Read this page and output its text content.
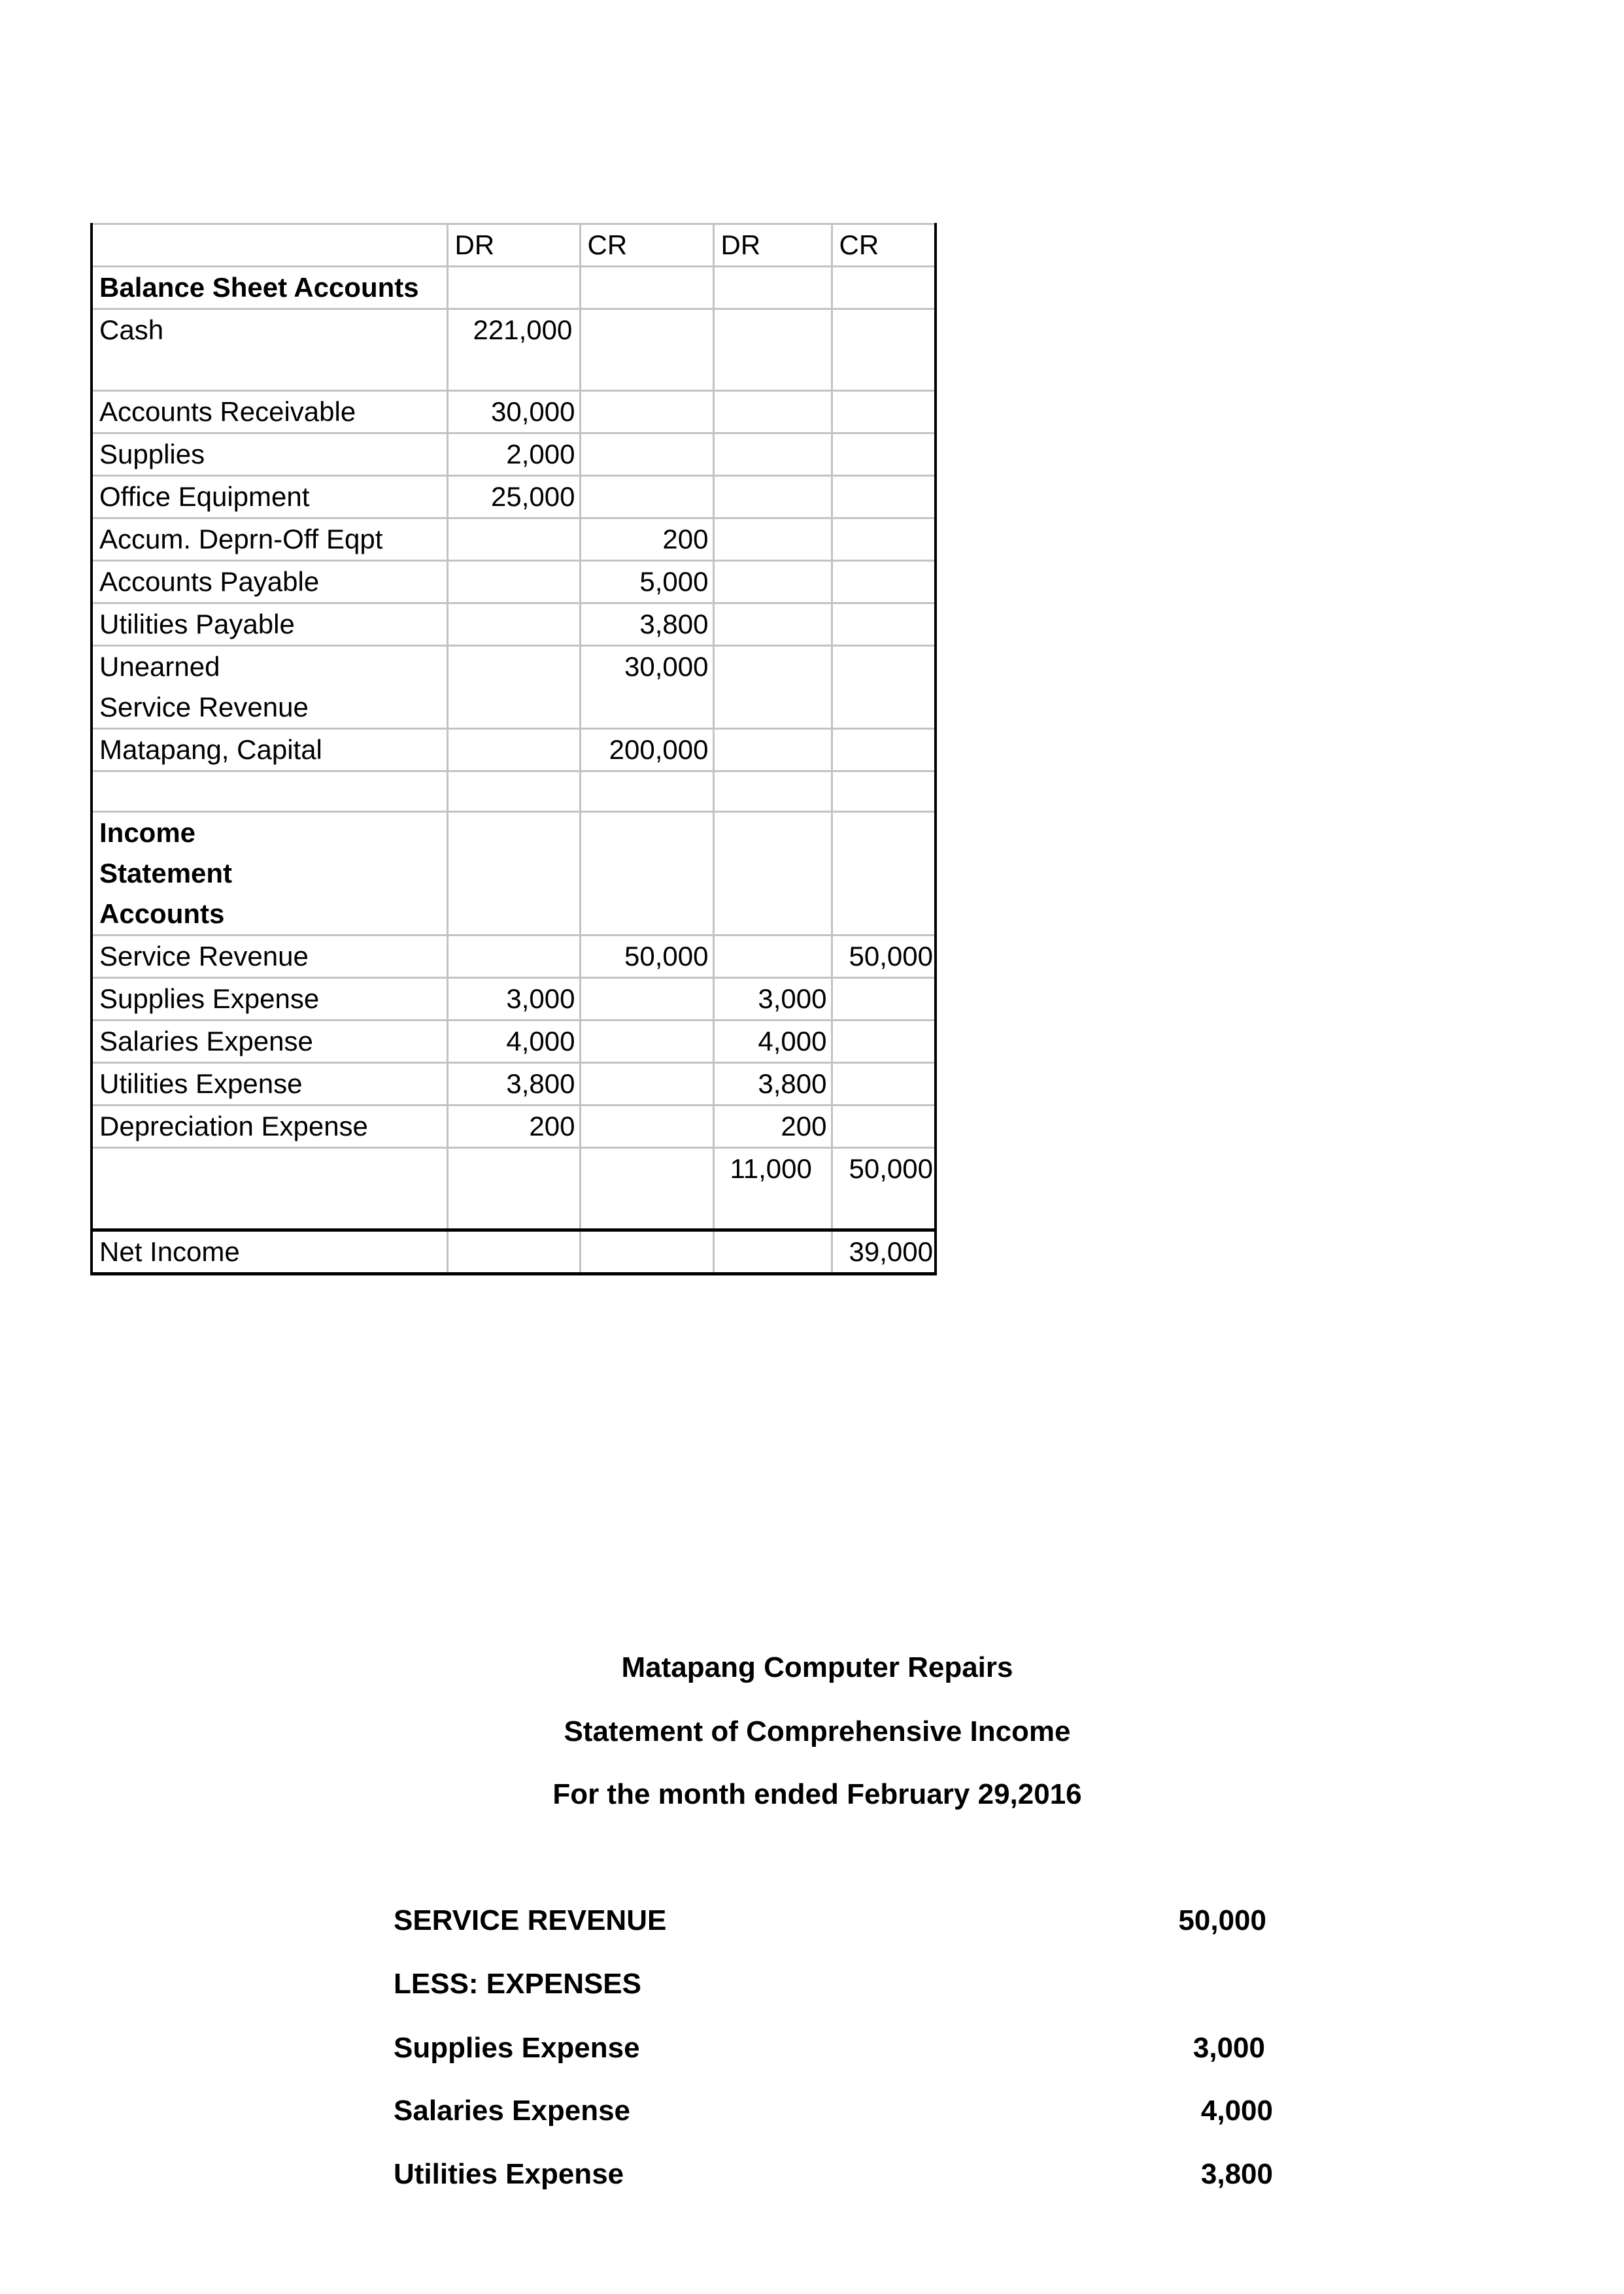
	DR	CR	DR	CR
Balance Sheet Accounts				
Cash	221,000			
Accounts Receivable	30,000			
Supplies	2,000			
Office Equipment	25,000			
Accum. Deprn-Off Eqpt		200		
Accounts Payable		5,000		
Utilities Payable		3,800		
Unearned Service Revenue		30,000		
Matapang, Capital		200,000		

Income Statement Accounts				
Service Revenue		50,000		50,000
Supplies Expense	3,000		3,000	
Salaries Expense	4,000		4,000	
Utilities Expense	3,800		3,800	
Depreciation Expense	200		200	
			11,000	50,000
Net Income				39,000
Matapang Computer Repairs
Statement of Comprehensive Income
For the month ended February 29,2016
SERVICE REVENUE	50,000
LESS: EXPENSES
Supplies Expense	3,000
Salaries Expense	4,000
Utilities Expense	3,800
